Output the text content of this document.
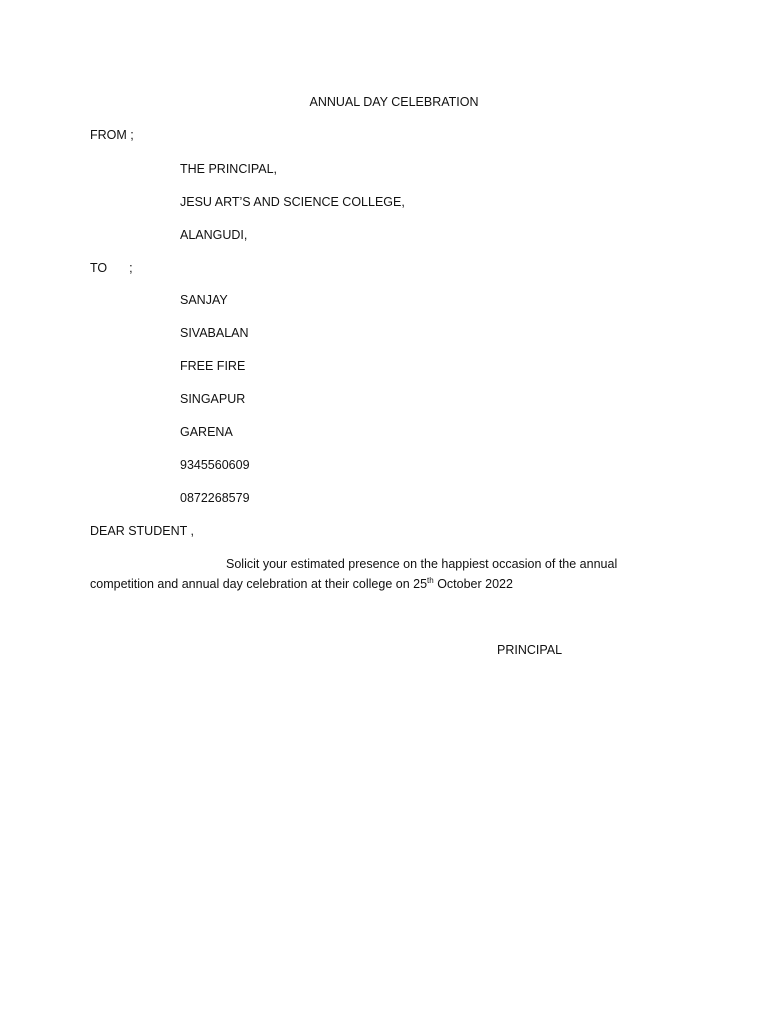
ANNUAL DAY CELEBRATION
FROM ;
THE PRINCIPAL,
JESU ART’S AND SCIENCE COLLEGE,
ALANGUDI,
TO ;
SANJAY
SIVABALAN
FREE FIRE
SINGAPUR
GARENA
9345560609
0872268579
DEAR STUDENT ,
Solicit your estimated presence on the happiest occasion of the annual
competition and annual day celebration at their college on 25th October 2022
PRINCIPAL
